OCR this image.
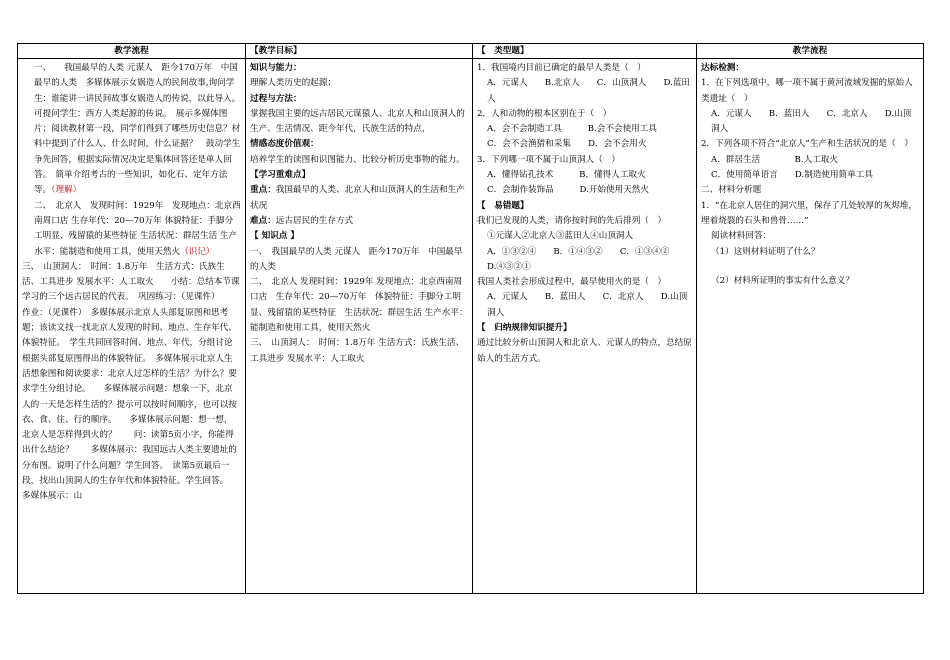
教学流程

一、　　我国最早的人类 元谋人　距今170万年　中国最早的人类　多媒体展示女娲造人的民间故事,询问学生：谁能讲一讲民间故事女娲造人的传说，以此导入。可提问学生：西方人类起源的传说。　展示多媒体图片；阅读教材第一段，同学们得到了哪些历史信息？材料中提到了什么人、什么时间，什么证据？　鼓动学生争先回答，根据实际情况决定是集体回答还是单人回答。　简单介绍考古的一些知识，如化石、定年方法等。（理解）

二、　北京人　发现时间：1929年　发现地点：北京西南周口店 生存年代：20—70万年 体貌特征：手脚分工明显、残留猿的某些特征 生活状况：群居生活 生产水平：能制造和使用工具，使用天然火（识记）

三、　山顶洞人：　时间：1.8万年　生活方式：氏族生活、工具进步 发展水平：人工取火　　小结：总结本节课学习的三个远古居民的代表。　巩固练习：（见课件）　　作业：（见课件）　多媒体展示北京人头部复原图和思考题；该读文找一找北京人发现的时间、地点、生存年代、体貌特征。　学生共同回答时间、地点、年代，分组讨论根据头部复原图得出的体貌特征。　多媒体展示北京人生活想象图和阅读要求：北京人过怎样的生活？为什么？要求学生分组讨论。　　多媒体展示问题：想象一下，北京人的一天是怎样生活的？提示可以按时间顺序，也可以按衣、食、住、行的顺序。　　多媒体展示问题：想一想，北京人是怎样得到火的？　　问：读第5页小字，你能得出什么结论？　　多媒体展示：我国远古人类主要遗址的分布图。说明了什么问题？学生回答。　读第5页最后一段，找出山顶洞人的生存年代和体貌特征。学生回答。　　多媒体展示：山

【教学目标】

知识与能力：

理解人类历史的起源；

过程与方法：

掌握我国主要的远古居民元谋猿人、北京人和山顶洞人的生产、生活情况、距今年代，氏族生活的特点，

情感态度价值观：

培养学生的读图和识图能力、比较分析历史事物的能力。

【学习重难点】

重点：我国最早的人类、北京人和山顶洞人的生活和生产状况

难点：远古居民的生存方式

【 知识点 】

一、　我国最早的人类 元谋人　距今170万年　中国最早的人类

二、　北京人 发现时间：1929年 发现地点：北京西南周口店　生存年代：20—70万年　体貌特征：手脚分工明显、残留猿的某些特征　生活状况：群居生活 生产水平：能制造和使用工具，使用天然火

三、　山顶洞人：　时间：1.8万年 生活方式：氏族生活、工具进步 发展水平：人工取火

【　类型题】

1．我国境内目前已确定的最早人类是（　）

A．元谋人　　B.北京人　　C．山顶洞人　　D.蓝田人

2．人和动物的根本区别在于（　）

A．会不会制造工具　　　B.会不会使用工具

C．会不会渔猎和采集　　D．会不会用火

3．下列哪一项不属于山顶洞人（　）

A．懂得钻孔技术　　　B．懂得人工取火

C．会制作装饰品　　　D.开始使用天然火

【　易错题】

我们已发现的人类，请你按时间的先后排列（　）

①元谋人②北京人③蓝田人④山顶洞人

A．①③②④　　B．①④③②　　C．①③④②　　D.④③②①

我国人类社会形成过程中，最早使用火的是（　）

A．元谋人　　B．蓝田人　　C．北京人　　D.山顶洞人

【　归纳规律知识提升】

通过比较分析山顶洞人和北京人、元谋人的特点，总结原始人的生活方式。

教学流程

达标检测：

1．在下列选项中，哪一项不属于黄河流域发掘的原始人类遗址（　）

A．元谋人　　B．蓝田人　　C．北京人　　D.山顶洞人

2．下列各项不符合“北京人”生产和生活状况的是（　）

A．群居生活　　　　B.人工取火

C．使用简单语言　　D.制造使用简单工具

二、材料分析题

1．“在北京人居住的洞穴里，保存了几处较厚的灰烬堆，埋着烧裂的石头和兽骨……”

阅读材料回答：

（1）这则材料证明了什么？

（2）材料所证明的事实有什么意义？
